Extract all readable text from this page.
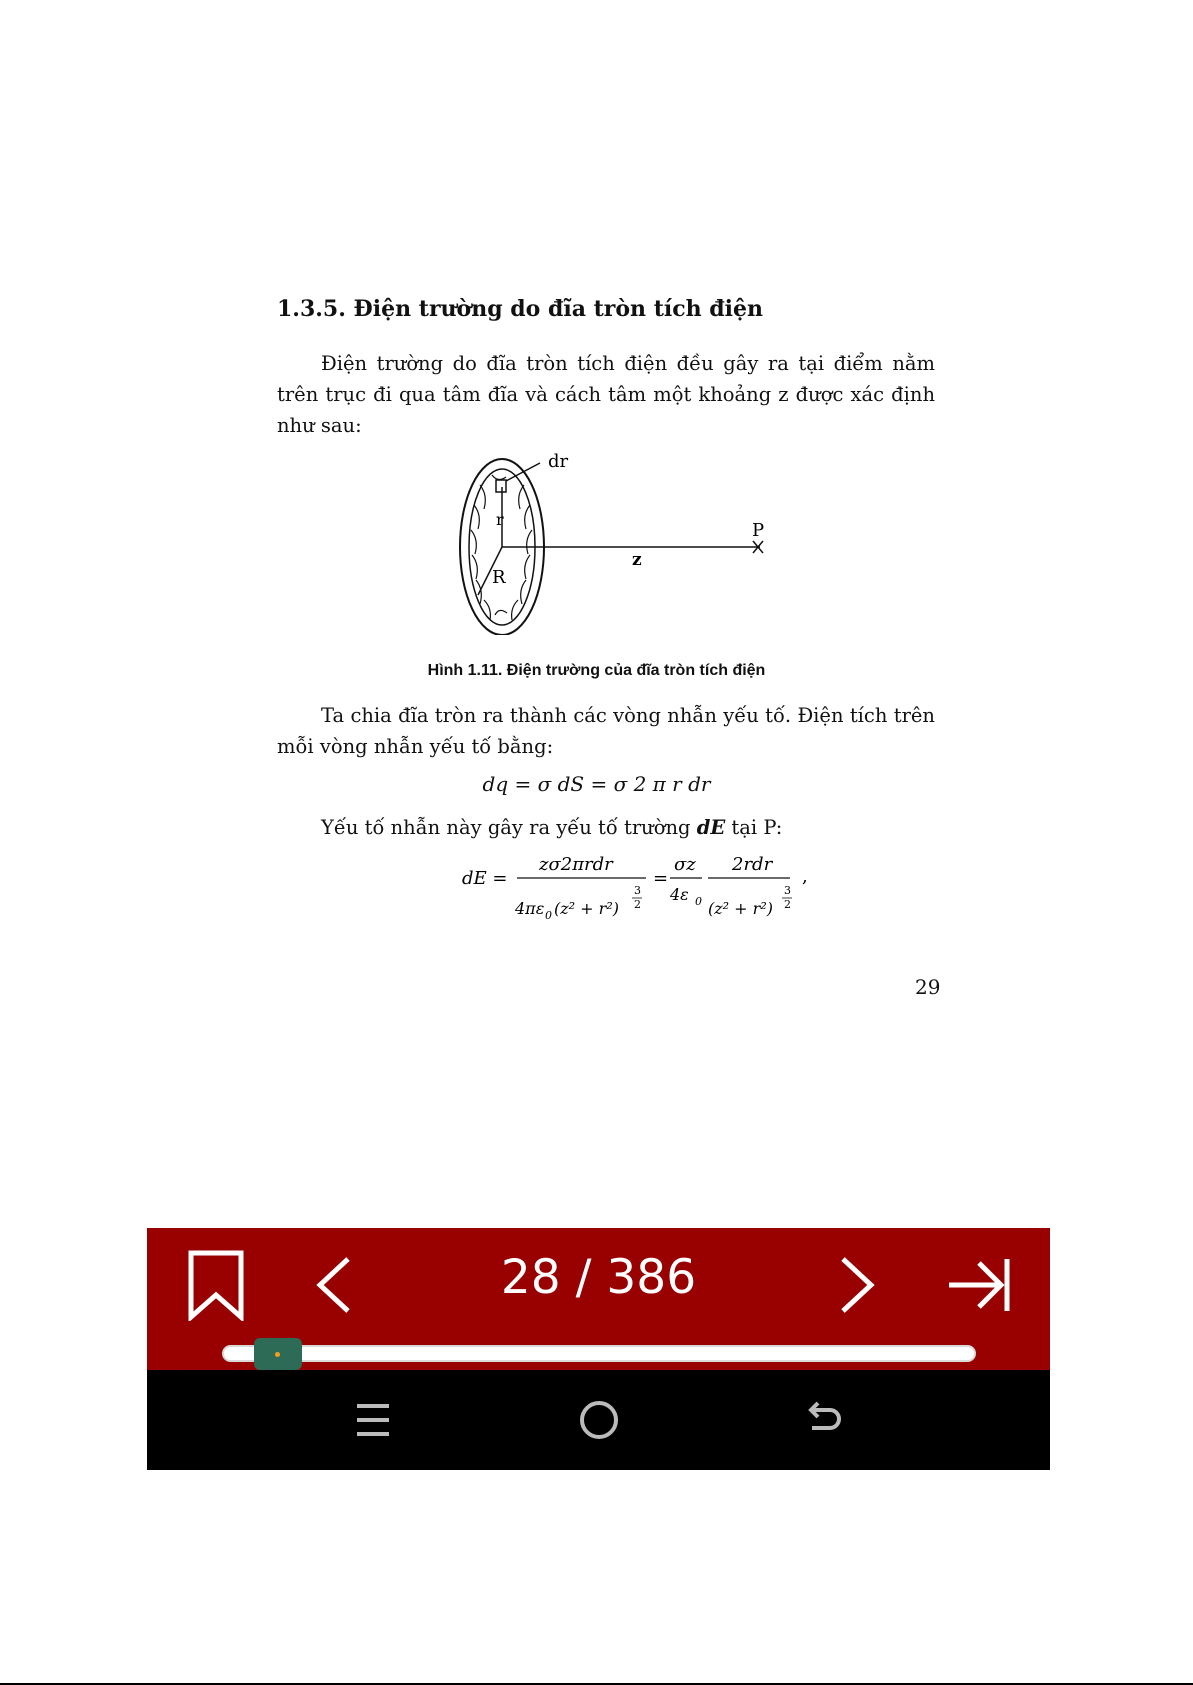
1.3.5. Điện trường do đĩa tròn tích điện

Điện trường do đĩa tròn tích điện đều gây ra tại điểm nằm trên trục đi qua tâm đĩa và cách tâm một khoảng z được xác định như sau:

dr
r
R
z
P
Hình 1.11. Điện trường của đĩa tròn tích điện

Ta chia đĩa tròn ra thành các vòng nhẫn yếu tố. Điện tích trên mỗi vòng nhẫn yếu tố bằng:

dq = σ dS = σ 2 π r dr
Yếu tố nhẫn này gây ra yếu tố trường dE tại P:
dE =
zσ2πrdr
4πε 0 (z² + r²)
3
2
=
σz
4ε 0
2rdr
(z² + r²)
3
2
,
29
28 / 386
